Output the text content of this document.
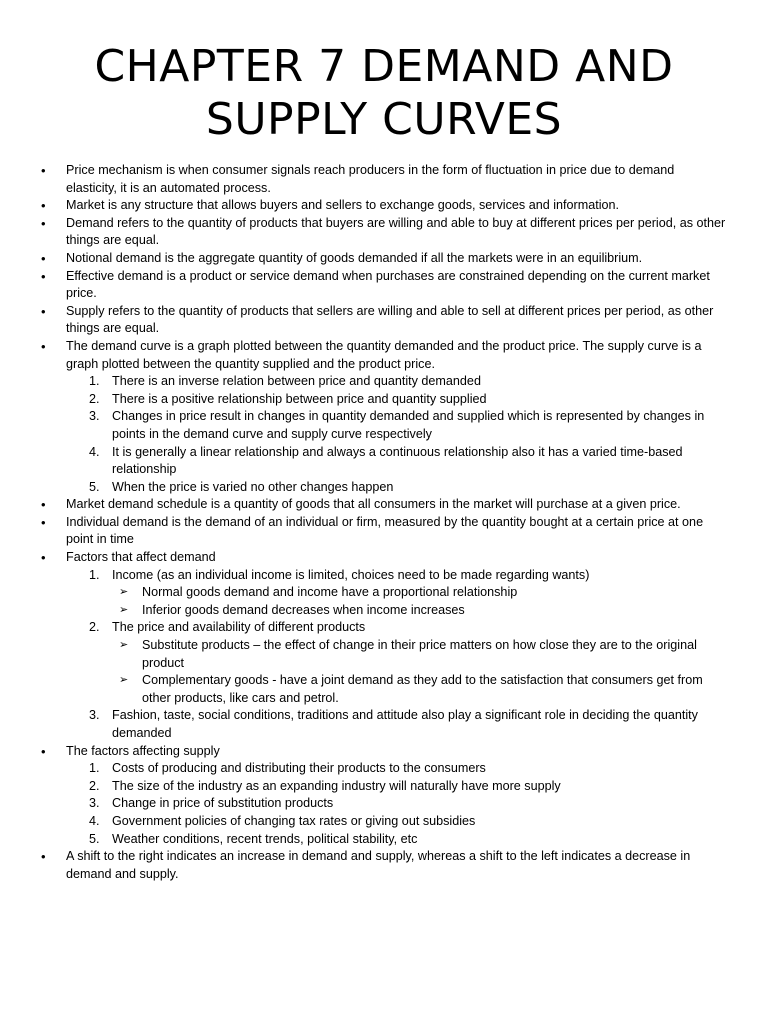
CHAPTER 7 DEMAND AND SUPPLY CURVES
•	Price mechanism is when consumer signals reach producers in the form of fluctuation in price due to demand elasticity, it is an automated process.
•	Market is any structure that allows buyers and sellers to exchange goods, services and information.
•	Demand refers to the quantity of products that buyers are willing and able to buy at different prices per period, as other things are equal.
•	Notional demand is the aggregate quantity of goods demanded if all the markets were in an equilibrium.
•	Effective demand is a product or service demand when purchases are constrained depending on the current market price.
•	Supply refers to the quantity of products that sellers are willing and able to sell at different prices per period, as other things are equal.
•	The demand curve is a graph plotted between the quantity demanded and the product price. The supply curve is a graph plotted between the quantity supplied and the product price.
1. There is an inverse relation between price and quantity demanded
2. There is a positive relationship between price and quantity supplied
3. Changes in price result in changes in quantity demanded and supplied which is represented by changes in points in the demand curve and supply curve respectively
4. It is generally a linear relationship and always a continuous relationship also it has a varied time-based relationship
5. When the price is varied no other changes happen
•	Market demand schedule is a quantity of goods that all consumers in the market will purchase at a given price.
•	Individual demand is the demand of an individual or firm, measured by the quantity bought at a certain price at one point in time
•	Factors that affect demand
1. Income (as an individual income is limited, choices need to be made regarding wants)
➢	Normal goods demand and income have a proportional relationship
➢	Inferior goods demand decreases when income increases
2. The price and availability of different products
➢	Substitute products – the effect of change in their price matters on how close they are to the original product
➢	Complementary goods - have a joint demand as they add to the satisfaction that consumers get from other products, like cars and petrol.
3. Fashion, taste, social conditions, traditions and attitude also play a significant role in deciding the quantity demanded
•	The factors affecting supply
1. Costs of producing and distributing their products to the consumers
2. The size of the industry as an expanding industry will naturally have more supply
3. Change in price of substitution products
4. Government policies of changing tax rates or giving out subsidies
5. Weather conditions, recent trends, political stability, etc
•	A shift to the right indicates an increase in demand and supply, whereas a shift to the left indicates a decrease in demand and supply.
